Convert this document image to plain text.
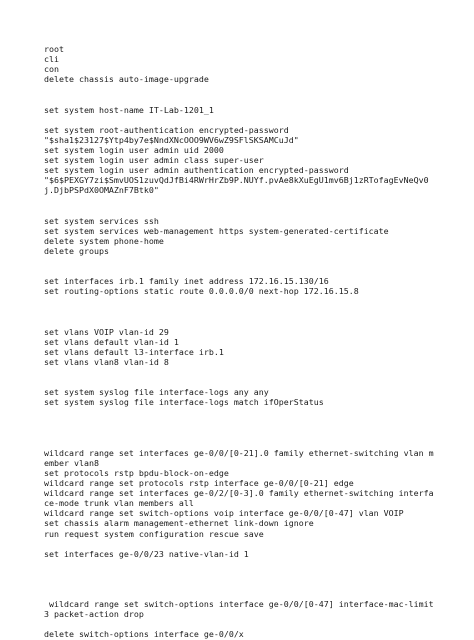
root
cli
con
delete chassis auto-image-upgrade
set system host-name IT-Lab-1201_1
set system root-authentication encrypted-password
"$sha1$23127$Ytp4by7e$NndXNcOOO9WV6wZ9SFlSKSAMCuJd"
set system login user admin uid 2000
set system login user admin class super-user
set system login user admin authentication encrypted-password
"$6$PEXGY7zi$SmvUOS1zuvQdJfBi4RWrHrZb9P.NUYf.pvAe8kXuEgU1mv6Bj1zRTofagEvNeQv0j.DjbPSPdX0OMAZnF7Btk0"
set system services ssh
set system services web-management https system-generated-certificate
delete system phone-home
delete groups
set interfaces irb.1 family inet address 172.16.15.130/16
set routing-options static route 0.0.0.0/0 next-hop 172.16.15.8
set vlans VOIP vlan-id 29
set vlans default vlan-id 1
set vlans default l3-interface irb.1
set vlans vlan8 vlan-id 8
set system syslog file interface-logs any any
set system syslog file interface-logs match ifOperStatus
wildcard range set interfaces ge-0/0/[0-21].0 family ethernet-switching vlan member vlan8
set protocols rstp bpdu-block-on-edge
wildcard range set protocols rstp interface ge-0/0/[0-21] edge
wildcard range set interfaces ge-0/2/[0-3].0 family ethernet-switching interface-mode trunk vlan members all
wildcard range set switch-options voip interface ge-0/0/[0-47] vlan VOIP
set chassis alarm management-ethernet link-down ignore
run request system configuration rescue save
set interfaces ge-0/0/23 native-vlan-id 1
wildcard range set switch-options interface ge-0/0/[0-47] interface-mac-limit 3 packet-action drop
delete switch-options interface ge-0/0/x
